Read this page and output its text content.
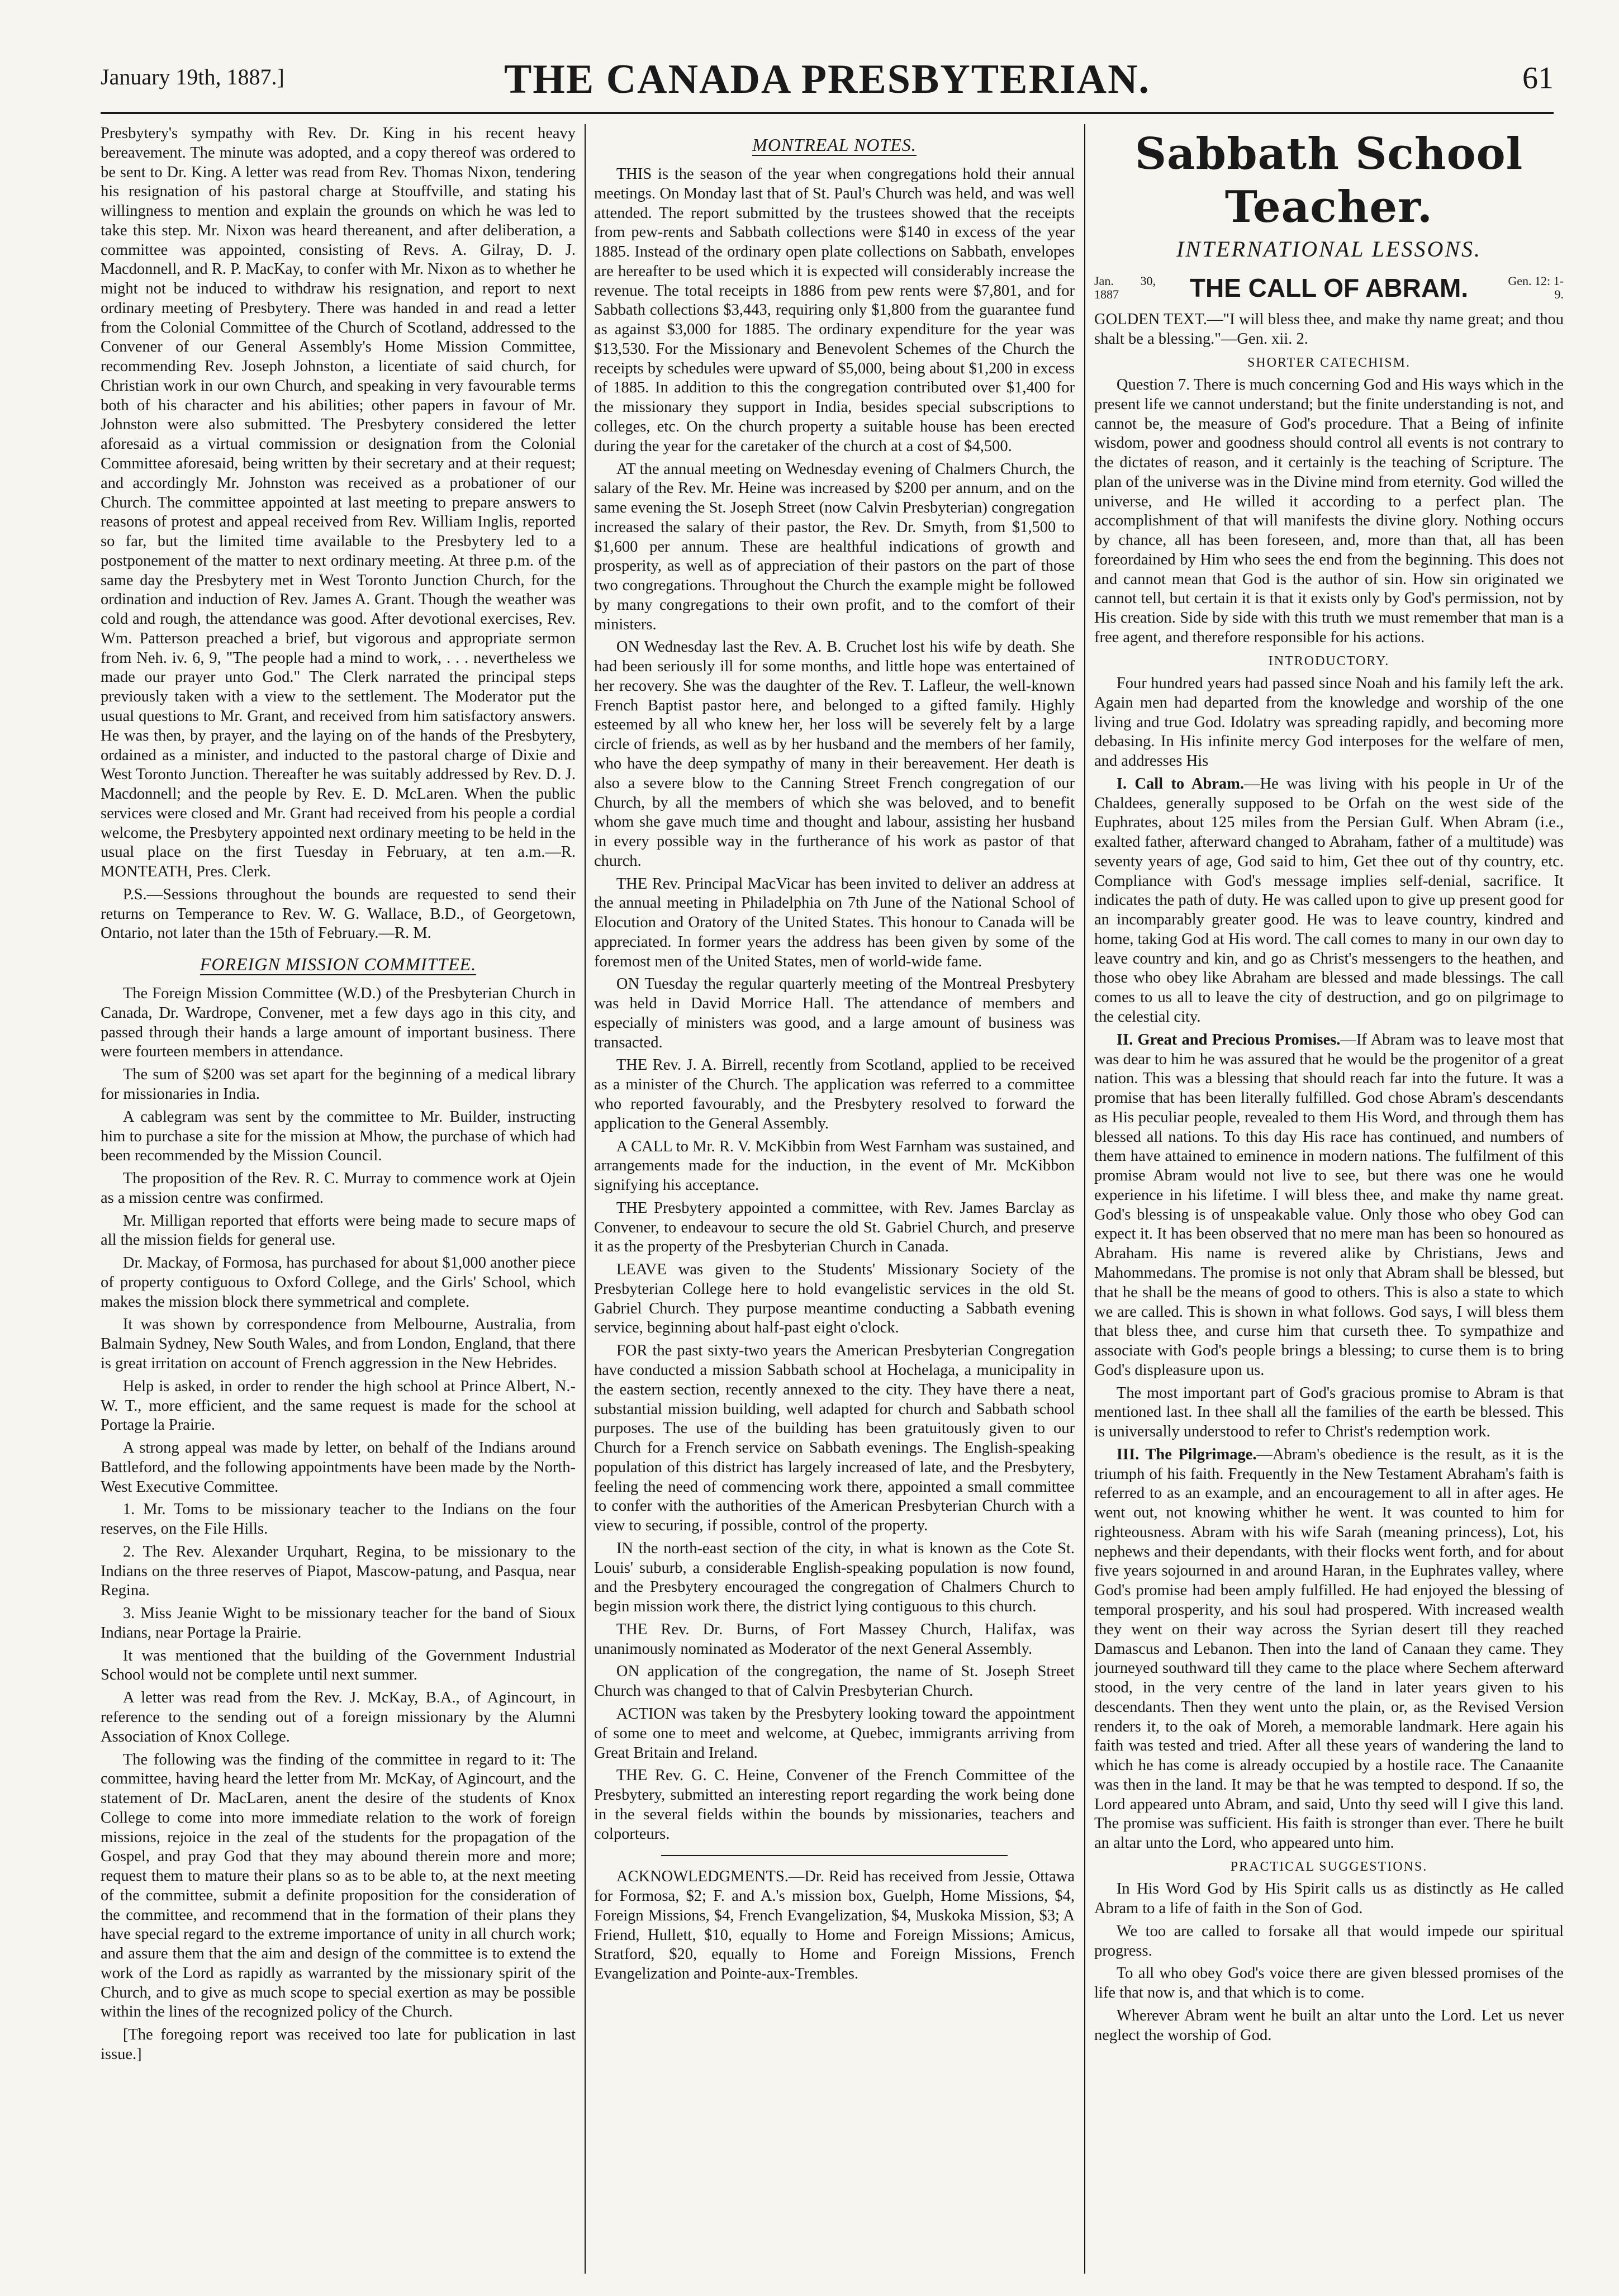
January 19th, 1887.]	THE CANADA PRESBYTERIAN.	61

Presbytery's sympathy with Rev. Dr. King in his recent heavy bereavement. The minute was adopted, and a copy thereof was ordered to be sent to Dr. King. A letter was read from Rev. Thomas Nixon, tendering his resignation of his pastoral charge at Stouffville, and stating his willingness to mention and explain the grounds on which he was led to take this step. Mr. Nixon was heard thereanent, and after deliberation, a committee was appointed, consisting of Revs. A. Gilray, D. J. Macdonnell, and R. P. MacKay, to confer with Mr. Nixon as to whether he might not be induced to withdraw his resignation, and report to next ordinary meeting of Presbytery. There was handed in and read a letter from the Colonial Committee of the Church of Scotland, addressed to the Convener of our General Assembly's Home Mission Committee, recommending Rev. Joseph Johnston, a licentiate of said church, for Christian work in our own Church, and speaking in very favourable terms both of his character and his abilities; other papers in favour of Mr. Johnston were also submitted. The Presbytery considered the letter aforesaid as a virtual commission or designation from the Colonial Committee aforesaid, being written by their secretary and at their request; and accordingly Mr. Johnston was received as a probationer of our Church. The committee appointed at last meeting to prepare answers to reasons of protest and appeal received from Rev. William Inglis, reported so far, but the limited time available to the Presbytery led to a postponement of the matter to next ordinary meeting. At three p.m. of the same day the Presbytery met in West Toronto Junction Church, for the ordination and induction of Rev. James A. Grant. Though the weather was cold and rough, the attendance was good. After devotional exercises, Rev. Wm. Patterson preached a brief, but vigorous and appropriate sermon from Neh. iv. 6, 9, "The people had a mind to work, . . . nevertheless we made our prayer unto God." The Clerk narrated the principal steps previously taken with a view to the settlement. The Moderator put the usual questions to Mr. Grant, and received from him satisfactory answers. He was then, by prayer, and the laying on of the hands of the Presbytery, ordained as a minister, and inducted to the pastoral charge of Dixie and West Toronto Junction. Thereafter he was suitably addressed by Rev. D. J. Macdonnell; and the people by Rev. E. D. McLaren. When the public services were closed and Mr. Grant had received from his people a cordial welcome, the Presbytery appointed next ordinary meeting to be held in the usual place on the first Tuesday in February, at ten a.m.—R. MONTEATH, Pres. Clerk.

P.S.—Sessions throughout the bounds are requested to send their returns on Temperance to Rev. W. G. Wallace, B.D., of Georgetown, Ontario, not later than the 15th of February.—R. M.

FOREIGN MISSION COMMITTEE.

The Foreign Mission Committee (W.D.) of the Presbyterian Church in Canada, Dr. Wardrope, Convener, met a few days ago in this city, and passed through their hands a large amount of important business. There were fourteen members in attendance.

The sum of $200 was set apart for the beginning of a medical library for missionaries in India.

A cablegram was sent by the committee to Mr. Builder, instructing him to purchase a site for the mission at Mhow, the purchase of which had been recommended by the Mission Council.

The proposition of the Rev. R. C. Murray to commence work at Ojein as a mission centre was confirmed.

Mr. Milligan reported that efforts were being made to secure maps of all the mission fields for general use.

Dr. Mackay, of Formosa, has purchased for about $1,000 another piece of property contiguous to Oxford College, and the Girls' School, which makes the mission block there symmetrical and complete.

It was shown by correspondence from Melbourne, Australia, from Balmain Sydney, New South Wales, and from London, England, that there is great irritation on account of French aggression in the New Hebrides.

Help is asked, in order to render the high school at Prince Albert, N.-W. T., more efficient, and the same request is made for the school at Portage la Prairie.

A strong appeal was made by letter, on behalf of the Indians around Battleford, and the following appointments have been made by the North-West Executive Committee.

1. Mr. Toms to be missionary teacher to the Indians on the four reserves, on the File Hills.

2. The Rev. Alexander Urquhart, Regina, to be missionary to the Indians on the three reserves of Piapot, Mascow-patung, and Pasqua, near Regina.

3. Miss Jeanie Wight to be missionary teacher for the band of Sioux Indians, near Portage la Prairie.

It was mentioned that the building of the Government Industrial School would not be complete until next summer.

A letter was read from the Rev. J. McKay, B.A., of Agincourt, in reference to the sending out of a foreign missionary by the Alumni Association of Knox College.

The following was the finding of the committee in regard to it: The committee, having heard the letter from Mr. McKay, of Agincourt, and the statement of Dr. MacLaren, anent the desire of the students of Knox College to come into more immediate relation to the work of foreign missions, rejoice in the zeal of the students for the propagation of the Gospel, and pray God that they may abound therein more and more; request them to mature their plans so as to be able to, at the next meeting of the committee, submit a definite proposition for the consideration of the committee, and recommend that in the formation of their plans they have special regard to the extreme importance of unity in all church work; and assure them that the aim and design of the committee is to extend the work of the Lord as rapidly as warranted by the missionary spirit of the Church, and to give as much scope to special exertion as may be possible within the lines of the recognized policy of the Church.

[The foregoing report was received too late for publication in last issue.]

MONTREAL NOTES.

THIS is the season of the year when congregations hold their annual meetings. On Monday last that of St. Paul's Church was held, and was well attended. The report submitted by the trustees showed that the receipts from pew-rents and Sabbath collections were $140 in excess of the year 1885. Instead of the ordinary open plate collections on Sabbath, envelopes are hereafter to be used which it is expected will considerably increase the revenue. The total receipts in 1886 from pew rents were $7,801, and for Sabbath collections $3,443, requiring only $1,800 from the guarantee fund as against $3,000 for 1885. The ordinary expenditure for the year was $13,530. For the Missionary and Benevolent Schemes of the Church the receipts by schedules were upward of $5,000, being about $1,200 in excess of 1885. In addition to this the congregation contributed over $1,400 for the missionary they support in India, besides special subscriptions to colleges, etc. On the church property a suitable house has been erected during the year for the caretaker of the church at a cost of $4,500.

AT the annual meeting on Wednesday evening of Chalmers Church, the salary of the Rev. Mr. Heine was increased by $200 per annum, and on the same evening the St. Joseph Street (now Calvin Presbyterian) congregation increased the salary of their pastor, the Rev. Dr. Smyth, from $1,500 to $1,600 per annum. These are healthful indications of growth and prosperity, as well as of appreciation of their pastors on the part of those two congregations. Throughout the Church the example might be followed by many congregations to their own profit, and to the comfort of their ministers.

ON Wednesday last the Rev. A. B. Cruchet lost his wife by death. She had been seriously ill for some months, and little hope was entertained of her recovery. She was the daughter of the Rev. T. Lafleur, the well-known French Baptist pastor here, and belonged to a gifted family. Highly esteemed by all who knew her, her loss will be severely felt by a large circle of friends, as well as by her husband and the members of her family, who have the deep sympathy of many in their bereavement. Her death is also a severe blow to the Canning Street French congregation of our Church, by all the members of which she was beloved, and to benefit whom she gave much time and thought and labour, assisting her husband in every possible way in the furtherance of his work as pastor of that church.

THE Rev. Principal MacVicar has been invited to deliver an address at the annual meeting in Philadelphia on 7th June of the National School of Elocution and Oratory of the United States. This honour to Canada will be appreciated. In former years the address has been given by some of the foremost men of the United States, men of world-wide fame.

ON Tuesday the regular quarterly meeting of the Montreal Presbytery was held in David Morrice Hall. The attendance of members and especially of ministers was good, and a large amount of business was transacted.

THE Rev. J. A. Birrell, recently from Scotland, applied to be received as a minister of the Church. The application was referred to a committee who reported favourably, and the Presbytery resolved to forward the application to the General Assembly.

A CALL to Mr. R. V. McKibbin from West Farnham was sustained, and arrangements made for the induction, in the event of Mr. McKibbon signifying his acceptance.

THE Presbytery appointed a committee, with Rev. James Barclay as Convener, to endeavour to secure the old St. Gabriel Church, and preserve it as the property of the Presbyterian Church in Canada.

LEAVE was given to the Students' Missionary Society of the Presbyterian College here to hold evangelistic services in the old St. Gabriel Church. They purpose meantime conducting a Sabbath evening service, beginning about half-past eight o'clock.

FOR the past sixty-two years the American Presbyterian Congregation have conducted a mission Sabbath school at Hochelaga, a municipality in the eastern section, recently annexed to the city. They have there a neat, substantial mission building, well adapted for church and Sabbath school purposes. The use of the building has been gratuitously given to our Church for a French service on Sabbath evenings. The English-speaking population of this district has largely increased of late, and the Presbytery, feeling the need of commencing work there, appointed a small committee to confer with the authorities of the American Presbyterian Church with a view to securing, if possible, control of the property.

IN the north-east section of the city, in what is known as the Cote St. Louis' suburb, a considerable English-speaking population is now found, and the Presbytery encouraged the congregation of Chalmers Church to begin mission work there, the district lying contiguous to this church.

THE Rev. Dr. Burns, of Fort Massey Church, Halifax, was unanimously nominated as Moderator of the next General Assembly.

ON application of the congregation, the name of St. Joseph Street Church was changed to that of Calvin Presbyterian Church.

ACTION was taken by the Presbytery looking toward the appointment of some one to meet and welcome, at Quebec, immigrants arriving from Great Britain and Ireland.

THE Rev. G. C. Heine, Convener of the French Committee of the Presbytery, submitted an interesting report regarding the work being done in the several fields within the bounds by missionaries, teachers and colporteurs.

ACKNOWLEDGMENTS.—Dr. Reid has received from Jessie, Ottawa for Formosa, $2; F. and A.'s mission box, Guelph, Home Missions, $4, Foreign Missions, $4, French Evangelization, $4, Muskoka Mission, $3; A Friend, Hullett, $10, equally to Home and Foreign Missions; Amicus, Stratford, $20, equally to Home and Foreign Missions, French Evangelization and Pointe-aux-Trembles.

Sabbath School Teacher.
INTERNATIONAL LESSONS.
Jan. 30, 1887	THE CALL OF ABRAM.	Gen. 12: 1-9.

GOLDEN TEXT.—"I will bless thee, and make thy name great; and thou shalt be a blessing."—Gen. xii. 2.

SHORTER CATECHISM.

Question 7. There is much concerning God and His ways which in the present life we cannot understand; but the finite understanding is not, and cannot be, the measure of God's procedure. That a Being of infinite wisdom, power and goodness should control all events is not contrary to the dictates of reason, and it certainly is the teaching of Scripture. The plan of the universe was in the Divine mind from eternity. God willed the universe, and He willed it according to a perfect plan. The accomplishment of that will manifests the divine glory. Nothing occurs by chance, all has been foreseen, and, more than that, all has been foreordained by Him who sees the end from the beginning. This does not and cannot mean that God is the author of sin. How sin originated we cannot tell, but certain it is that it exists only by God's permission, not by His creation. Side by side with this truth we must remember that man is a free agent, and therefore responsible for his actions.

INTRODUCTORY.

Four hundred years had passed since Noah and his family left the ark. Again men had departed from the knowledge and worship of the one living and true God. Idolatry was spreading rapidly, and becoming more debasing. In His infinite mercy God interposes for the welfare of men, and addresses His

I. Call to Abram.—He was living with his people in Ur of the Chaldees, generally supposed to be Orfah on the west side of the Euphrates, about 125 miles from the Persian Gulf. When Abram (i.e., exalted father, afterward changed to Abraham, father of a multitude) was seventy years of age, God said to him, Get thee out of thy country, etc. Compliance with God's message implies self-denial, sacrifice. It indicates the path of duty. He was called upon to give up present good for an incomparably greater good. He was to leave country, kindred and home, taking God at His word. The call comes to many in our own day to leave country and kin, and go as Christ's messengers to the heathen, and those who obey like Abraham are blessed and made blessings. The call comes to us all to leave the city of destruction, and go on pilgrimage to the celestial city.

II. Great and Precious Promises.—If Abram was to leave most that was dear to him he was assured that he would be the progenitor of a great nation. This was a blessing that should reach far into the future. It was a promise that has been literally fulfilled. God chose Abram's descendants as His peculiar people, revealed to them His Word, and through them has blessed all nations. To this day His race has continued, and numbers of them have attained to eminence in modern nations. The fulfilment of this promise Abram would not live to see, but there was one he would experience in his lifetime. I will bless thee, and make thy name great. God's blessing is of unspeakable value. Only those who obey God can expect it. It has been observed that no mere man has been so honoured as Abraham. His name is revered alike by Christians, Jews and Mahommedans. The promise is not only that Abram shall be blessed, but that he shall be the means of good to others. This is also a state to which we are called. This is shown in what follows. God says, I will bless them that bless thee, and curse him that curseth thee. To sympathize and associate with God's people brings a blessing; to curse them is to bring God's displeasure upon us.

The most important part of God's gracious promise to Abram is that mentioned last. In thee shall all the families of the earth be blessed. This is universally understood to refer to Christ's redemption work.

III. The Pilgrimage.—Abram's obedience is the result, as it is the triumph of his faith. Frequently in the New Testament Abraham's faith is referred to as an example, and an encouragement to all in after ages. He went out, not knowing whither he went. It was counted to him for righteousness. Abram with his wife Sarah (meaning princess), Lot, his nephews and their dependants, with their flocks went forth, and for about five years sojourned in and around Haran, in the Euphrates valley, where God's promise had been amply fulfilled. He had enjoyed the blessing of temporal prosperity, and his soul had prospered. With increased wealth they went on their way across the Syrian desert till they reached Damascus and Lebanon. Then into the land of Canaan they came. They journeyed southward till they came to the place where Sechem afterward stood, in the very centre of the land in later years given to his descendants. Then they went unto the plain, or, as the Revised Version renders it, to the oak of Moreh, a memorable landmark. Here again his faith was tested and tried. After all these years of wandering the land to which he has come is already occupied by a hostile race. The Canaanite was then in the land. It may be that he was tempted to despond. If so, the Lord appeared unto Abram, and said, Unto thy seed will I give this land. The promise was sufficient. His faith is stronger than ever. There he built an altar unto the Lord, who appeared unto him.

PRACTICAL SUGGESTIONS.

In His Word God by His Spirit calls us as distinctly as He called Abram to a life of faith in the Son of God.

We too are called to forsake all that would impede our spiritual progress.

To all who obey God's voice there are given blessed promises of the life that now is, and that which is to come.

Wherever Abram went he built an altar unto the Lord. Let us never neglect the worship of God.
